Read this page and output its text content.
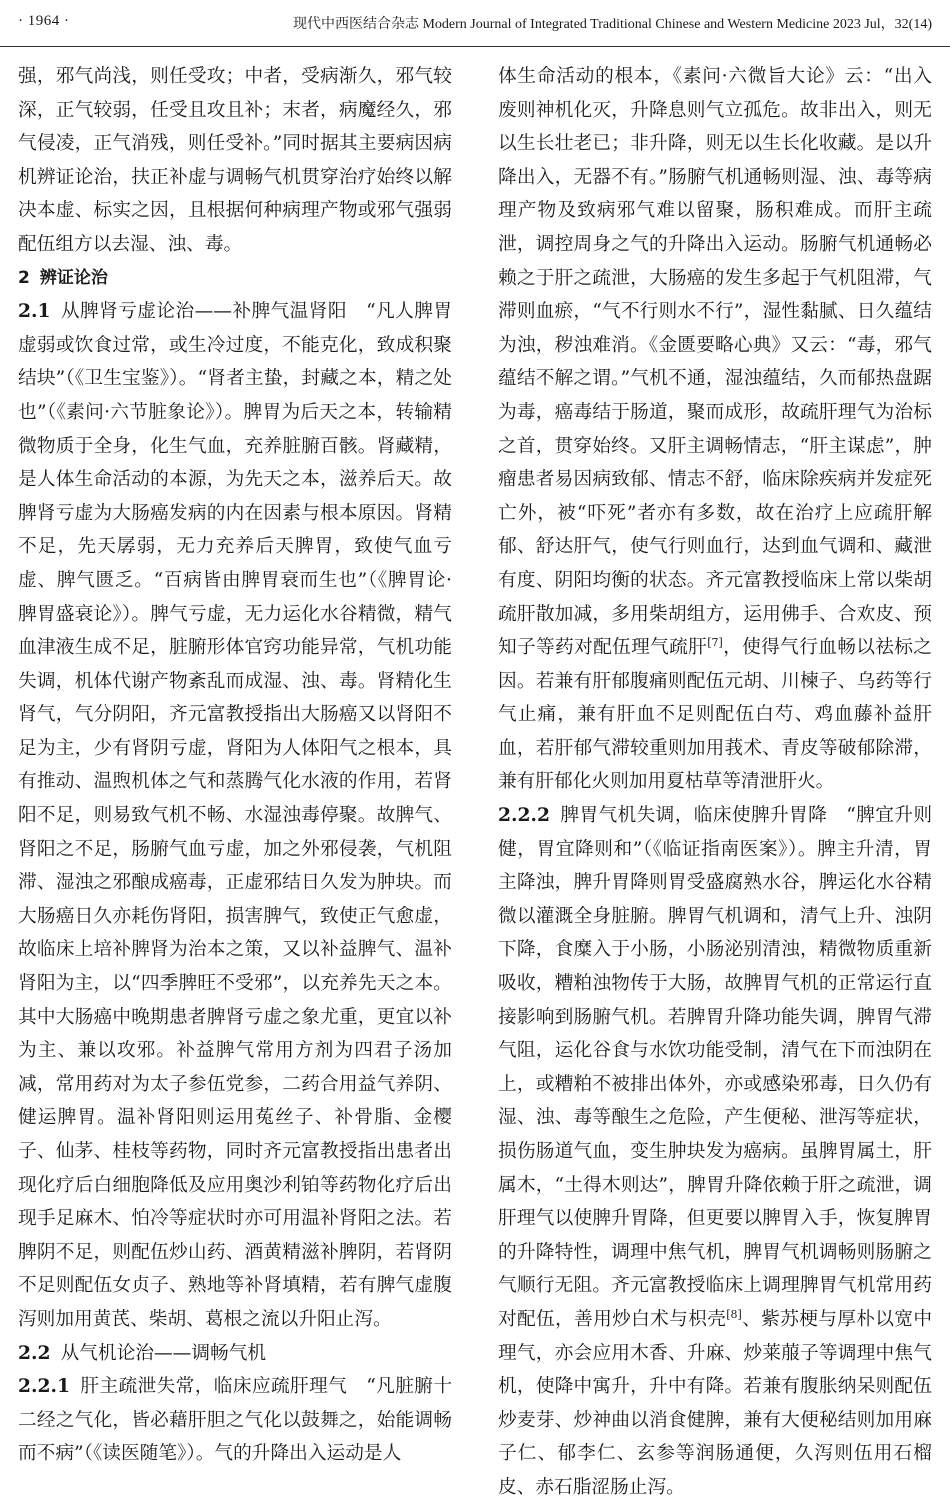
· 1964 ·	现代中西医结合杂志 Modern Journal of Integrated Traditional Chinese and Western Medicine 2023 Jul，32(14)

强，邪气尚浅，则任受攻；中者，受病渐久，邪气较深，正气较弱，任受且攻且补；末者，病魔经久，邪气侵凌，正气消残，则任受补。”同时据其主要病因病机辨证论治，扶正补虚与调畅气机贯穿治疗始终以解决本虚、标实之因，且根据何种病理产物或邪气强弱配伍组方以去湿、浊、毒。

2 辨证论治

2.1 从脾肾亏虚论治——补脾气温肾阳　 “凡人脾胃虚弱或饮食过常，或生冷过度，不能克化，致成积聚结块”（《卫生宝鉴》）。“肾者主蛰，封藏之本，精之处也”（《素问·六节脏象论》）。脾胃为后天之本，转输精微物质于全身，化生气血，充养脏腑百骸。肾藏精，是人体生命活动的本源，为先天之本，滋养后天。故脾肾亏虚为大肠癌发病的内在因素与根本原因。肾精不足，先天孱弱，无力充养后天脾胃，致使气血亏虚、脾气匮乏。“百病皆由脾胃衰而生也”（《脾胃论·脾胃盛衰论》）。脾气亏虚，无力运化水谷精微，精气血津液生成不足，脏腑形体官窍功能异常，气机功能失调，机体代谢产物紊乱而成湿、浊、毒。肾精化生肾气，气分阴阳，齐元富教授指出大肠癌又以肾阳不足为主，少有肾阴亏虚，肾阳为人体阳气之根本，具有推动、温煦机体之气和蒸腾气化水液的作用，若肾阳不足，则易致气机不畅、水湿浊毒停聚。故脾气、肾阳之不足，肠腑气血亏虚，加之外邪侵袭，气机阻滞、湿浊之邪酿成癌毒，正虚邪结日久发为肿块。而大肠癌日久亦耗伤肾阳，损害脾气，致使正气愈虚，故临床上培补脾肾为治本之策，又以补益脾气、温补肾阳为主，以“四季脾旺不受邪”，以充养先天之本。其中大肠癌中晚期患者脾肾亏虚之象尤重，更宜以补为主、兼以攻邪。补益脾气常用方剂为四君子汤加减，常用药对为太子参伍党参，二药合用益气养阴、健运脾胃。温补肾阳则运用菟丝子、补骨脂、金樱子、仙茅、桂枝等药物，同时齐元富教授指出患者出现化疗后白细胞降低及应用奥沙利铂等药物化疗后出现手足麻木、怕冷等症状时亦可用温补肾阳之法。若脾阴不足，则配伍炒山药、酒黄精滋补脾阴，若肾阴不足则配伍女贞子、熟地等补肾填精，若有脾气虚腹泻则加用黄芪、柴胡、葛根之流以升阳止泻。

2.2 从气机论治——调畅气机

2.2.1 肝主疏泄失常，临床应疏肝理气　 “凡脏腑十二经之气化，皆必藉肝胆之气化以鼓舞之，始能调畅而不病”（《读医随笔》）。气的升降出入运动是人

体生命活动的根本，《素问·六微旨大论》云：“出入废则神机化灭，升降息则气立孤危。故非出入，则无以生长壮老已；非升降，则无以生长化收藏。是以升降出入，无器不有。”肠腑气机通畅则湿、浊、毒等病理产物及致病邪气难以留聚，肠积难成。而肝主疏泄，调控周身之气的升降出入运动。肠腑气机通畅必赖之于肝之疏泄，大肠癌的发生多起于气机阻滞，气滞则血瘀，“气不行则水不行”，湿性黏腻、日久蕴结为浊，秽浊难消。《金匮要略心典》又云：“毒，邪气蕴结不解之谓。”气机不通，湿浊蕴结，久而郁热盘踞为毒，癌毒结于肠道，聚而成形，故疏肝理气为治标之首，贯穿始终。又肝主调畅情志，“肝主谋虑”，肿瘤患者易因病致郁、情志不舒，临床除疾病并发症死亡外，被“吓死”者亦有多数，故在治疗上应疏肝解郁、舒达肝气，使气行则血行，达到血气调和、藏泄有度、阴阳均衡的状态。齐元富教授临床上常以柴胡疏肝散加减，多用柴胡组方，运用佛手、合欢皮、预知子等药对配伍理气疏肝[7]，使得气行血畅以祛标之因。若兼有肝郁腹痛则配伍元胡、川楝子、乌药等行气止痛，兼有肝血不足则配伍白芍、鸡血藤补益肝血，若肝郁气滞较重则加用莪术、青皮等破郁除滞，兼有肝郁化火则加用夏枯草等清泄肝火。

2.2.2 脾胃气机失调，临床使脾升胃降　 “脾宜升则健，胃宜降则和”（《临证指南医案》）。脾主升清，胃主降浊，脾升胃降则胃受盛腐熟水谷，脾运化水谷精微以灌溉全身脏腑。脾胃气机调和，清气上升、浊阴下降，食糜入于小肠，小肠泌别清浊，精微物质重新吸收，糟粕浊物传于大肠，故脾胃气机的正常运行直接影响到肠腑气机。若脾胃升降功能失调，脾胃气滞气阻，运化谷食与水饮功能受制，清气在下而浊阴在上，或糟粕不被排出体外，亦或感染邪毒，日久仍有湿、浊、毒等酿生之危险，产生便秘、泄泻等症状，损伤肠道气血，变生肿块发为癌病。虽脾胃属土，肝属木，“土得木则达”，脾胃升降依赖于肝之疏泄，调肝理气以使脾升胃降，但更要以脾胃入手，恢复脾胃的升降特性，调理中焦气机，脾胃气机调畅则肠腑之气顺行无阻。齐元富教授临床上调理脾胃气机常用药对配伍，善用炒白术与枳壳[8]、紫苏梗与厚朴以宽中理气，亦会应用木香、升麻、炒莱菔子等调理中焦气机，使降中寓升，升中有降。若兼有腹胀纳呆则配伍炒麦芽、炒神曲以消食健脾，兼有大便秘结则加用麻子仁、郁李仁、玄参等润肠通便，久泻则伍用石榴皮、赤石脂涩肠止泻。
